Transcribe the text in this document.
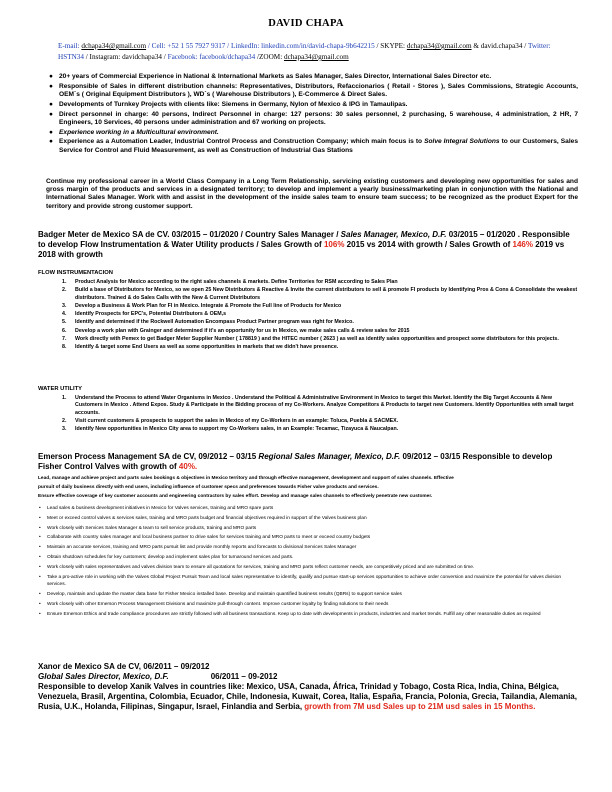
DAVID CHAPA
E-mail: dchapa34@gmail.com / Cell: +52 1 55 7927 9317 / LinkedIn: linkedin.com/in/david-chapa-9b642215 / SKYPE: dchapa34@gmail.com & david.chapa34 / Twitter: HSTN34 / Instagram: davidchapa34 / Facebook: facebook/dchapa34 /ZOOM: dchapa34@gmail.com
● 20+ years of Commercial Experience in National & International Markets as Sales Manager, Sales Director, International Sales Director etc.
● Responsible of Sales in different distribution channels: Representatives, Distributors, Refaccionarios ( Retail - Stores ), Sales Commissions, Strategic Accounts, OEM´s ( Original Equipment Distributors ), WD´s ( Warehouse Distributors ), E-Commerce & Direct Sales.
● Developments of Turnkey Projects with clients like: Siemens in Germany, Nylon of Mexico & IPG in Tamaulipas.
● Direct personnel in charge: 40 persons, Indirect Personnel in charge: 127 persons: 30 sales personnel, 2 purchasing, 5 warehouse, 4 administration, 2 HR, 7 Engineers, 10 Services, 40 persons under administration and 67 working on projects.
● Experience working in a Multicultural environment.
● Experience as a Automation Leader, Industrial Control Process and Construction Company; which main focus is to Solve Integral Solutions to our Customers, Sales Service for Control and Fluid Measurement, as well as Construction of Industrial Gas Stations
Continue my professional career in a World Class Company in a Long Term Relationship, servicing existing customers and developing new opportunities for sales and gross margin of the products and services in a designated territory; to develop and implement a yearly business/marketing plan in conjunction with the National and International Sales Manager. Work with and assist in the development of the inside sales team to ensure team success; to be recognized as the product Expert for the territory and provide strong customer support.
Badger Meter de Mexico SA de CV. 03/2015 – 01/2020 / Country Sales Manager / Sales Manager, Mexico, D.F. 03/2015 – 01/2020 . Responsible to develop Flow Instrumentation & Water Utility products / Sales Growth of 106% 2015 vs 2014 with growth / Sales Growth of 146% 2019 vs 2018 with growth
FLOW INSTRUMENTACION
1. Product Analysis for Mexico according to the right sales channels & markets. Define Territories for RSM according to Sales Plan
2. Build a base of Distributors for Mexico, so we open 25 New Distributors & Reactive & Invite the current distributors to sell & promote FI products by Identifying Pros & Cons & Consolidate the weakest distributors. Trained & do Sales Calls with the New & Current Distributors
3. Develop a Business & Work Plan for FI in Mexico. Integrate & Promote the Full line of Products for Mexico
4. Identify Prospects for EPC's, Potential Distributors & OEM,s
5. Identify and determined if the Rockwell Automation Encompass Product Partner program was right for Mexico.
6. Develop a work plan with Grainger and determined if it's an opportunity for us in Mexico, we make sales calls & review sales for 2015
7. Work directly with Pemex to get Badger Meter Supplier Number ( 178819 ) and the HITEC number ( 2623 ) as well as identify sales opportunities and prospect some distributors for this projects.
8. Identify & target some End Users as well as some opportunities in markets that we didn't have presence.
WATER UTILITY
1. Understand the Process to attend Water Organisms in Mexico . Understand the Political & Administrative Environment in Mexico to target this Market. Identify the Big Target Accounts & New Customers in Mexico . Attend Expos. Study & Participate in the Bidding process of my Co-Workers. Analyze Competitors & Products to target new Customers. Identify Opportunities with small target accounts.
2. Visit current customers & prospects to support the sales in Mexico of my Co-Workers in an example: Toluca, Puebla & SACMEX.
3. Identify New opportunities in Mexico City area to support my Co-Workers sales, in an Example: Tecamac, Tizayuca & Naucalpan.
Emerson Process Management SA de CV, 09/2012 – 03/15 Regional Sales Manager, Mexico, D.F. 09/2012 – 03/15 Responsible to develop Fisher Control Valves with growth of 40%.
Lead, manage and achieve project and parts sales bookings & objectives in Mexico territory and through effective management, development and support of sales channels. Effective
pursuit of daily business directly with end users, including influence of customer specs and preferences towards Fisher valve products and services.
Ensure effective coverage of key customer accounts and engineering contractors by sales effort. Develop and manage sales channels to effectively penetrate new customer.
• Lead sales & business development initiatives in Mexico for Valves services, training and MRO spare parts
• Meet or exceed control valves & services sales, training and MRO parts budget and financial objectives required in support of the Valves business plan
• Work closely with Services Sales Manager & team to sell service products, training and MRO parts
• Collaborate with country sales manager and local business partner to drive sales for services training and MRO parts to meet or exceed country budgets
• Maintain an accurate services, training and MRO parts pursuit list and provide monthly reports and forecasts to divisional Services Sales Manager
• Obtain shutdown schedules for key customers; develop and implement sales plan for turnaround services and parts.
• Work closely with sales representatives and valves division team to ensure all quotations for services, training and MRO parts reflect customer needs, are competitively priced and are submitted on time.
• Take a pro-active role in working with the Valves Global Project Pursuit Team and local sales representative to identify, qualify and pursue start-up services opportunities to achieve order conversion and maximize the potential for valves division services.
• Develop, maintain and update the master data base for Fisher Mexico installed base. Develop and maintain quantified business results (QBRs) to support service sales
• Work closely with other Emerson Process Management Divisions and maximize pull-through content. Improve customer loyalty by finding solutions to their needs
• Ensure Emerson Ethics and trade compliance procedures are strictly followed with all business transactions. Keep up to date with developments in products, industries and market trends. Fulfill any other reasonable duties as required
Xanor de Mexico SA de CV, 06/2011 – 09/2012
Global Sales Director, Mexico, D.F.	06/2011 – 09-2012
Responsible to develop Xanik Valves in countries like: Mexico, USA, Canada, África, Trinidad y Tobago, Costa Rica, India, China, Bélgica, Venezuela, Brasil, Argentina, Colombia, Ecuador, Chile, Indonesia, Kuwait, Corea, Italia, España, Francia, Polonia, Grecia, Tailandia, Alemania, Rusia, U.K., Holanda, Filipinas, Singapur, Israel, Finlandia and Serbia, growth from 7M usd Sales up to 21M usd sales in 15 Months.
